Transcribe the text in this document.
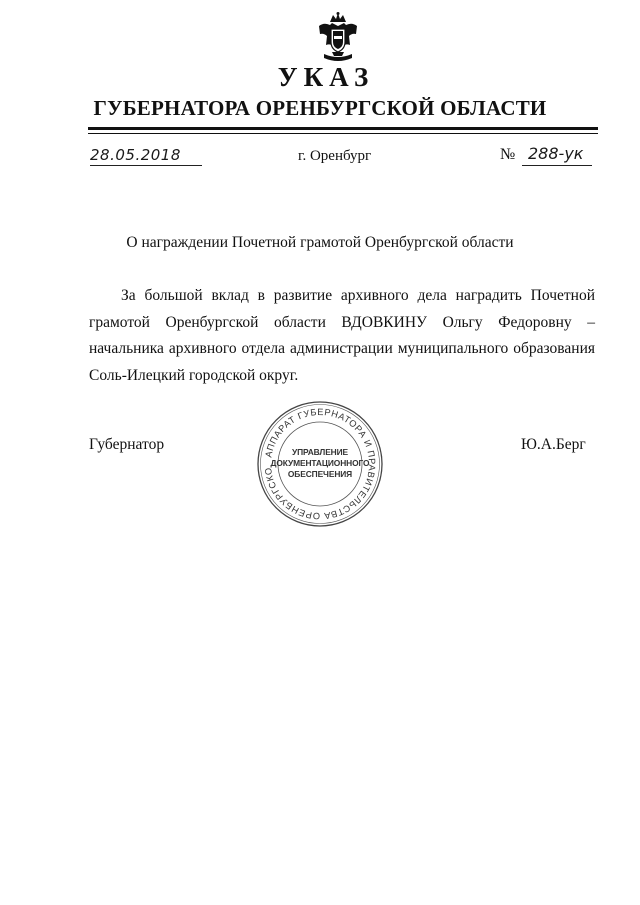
УКАЗ
ГУБЕРНАТОРА ОРЕНБУРГСКОЙ ОБЛАСТИ
28.05.2018	г. Оренбург	№ 288-ук
О награждении Почетной грамотой Оренбургской области
За большой вклад в развитие архивного дела наградить Почетной грамотой Оренбургской области ВДОВКИНУ Ольгу Федоровну – начальника архивного отдела администрации муниципального образования Соль-Илецкий городской округ.
Губернатор	Ю.А.Берг
АППАРАТ ГУБЕРНАТОРА И ПРАВИТЕЛЬСТВА ОРЕНБУРГСКО
УПРАВЛЕНИЕ
ДОКУМЕНТАЦИОННОГО
ОБЕСПЕЧЕНИЯ
